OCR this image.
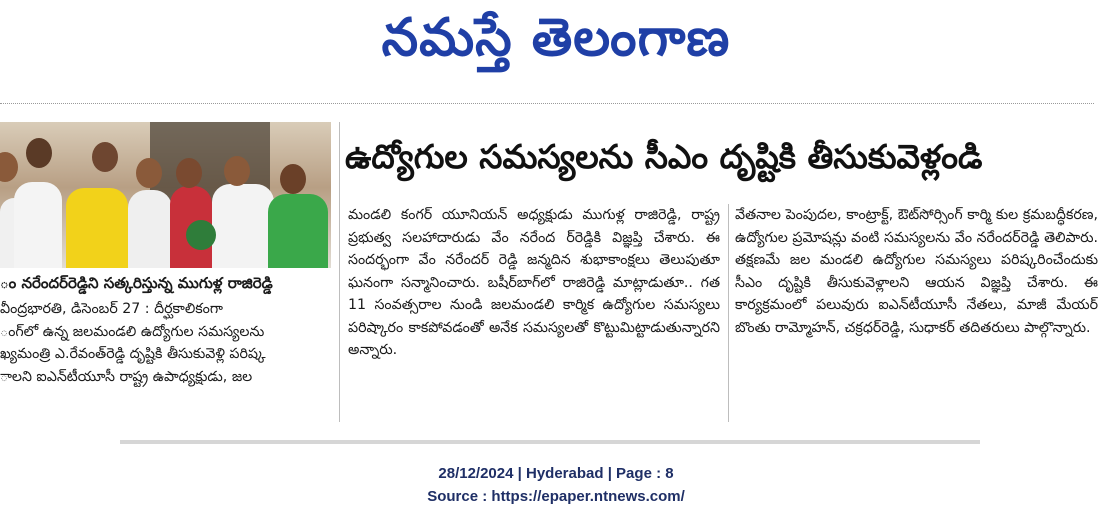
నమస్తే తెలంగాణ
ం నరేందర్‌రెడ్డిని సత్కరిస్తున్న ముగుళ్ల రాజిరెడ్డి
వీంద్రభారతి, డిసెంబర్ 27 : దీర్ఘకాలికంగా
ంగ్‌లో ఉన్న జలమండలి ఉద్యోగుల సమస్యలను
ఖ్యమంత్రి ఎ.రేవంత్‌రెడ్డి దృష్టికి తీసుకువెళ్లి పరిష్క
ాలని ఐఎన్‌టీయూసీ రాష్ట్ర ఉపాధ్యక్షుడు, జల
ఉద్యోగుల సమస్యలను సీఎం దృష్టికి తీసుకువెళ్లండి
మండలి కంగర్ యూనియన్ అధ్యక్షుడు ముగుళ్ల రాజిరెడ్డి, రాష్ట్ర ప్రభుత్వ సలహాదారుడు వేం నరేంద ర్‌రెడ్డికి విజ్ఞప్తి చేశారు. ఈ సందర్భంగా వేం నరేందర్ రెడ్డి జన్మదిన శుభాకాంక్షలు తెలుపుతూ ఘనంగా సన్మానించారు. బషీర్‌బాగ్‌లో రాజిరెడ్డి మాట్లాడుతూ.. గత 11 సంవత్సరాల నుండి జలమండలి కార్మిక ఉద్యోగుల సమస్యలు పరిష్కారం కాకపోవడంతో అనేక సమస్యలతో కొట్టుమిట్టాడుతున్నారని అన్నారు.
వేతనాల పెంపుదల, కాంట్రాక్ట్, ఔట్‌సోర్సింగ్ కార్మి కుల క్రమబద్ధీకరణ, ఉద్యోగుల ప్రమోషన్లు వంటి సమస్యలను వేం నరేందర్‌రెడ్డి తెలిపారు. తక్షణమే జల మండలి ఉద్యోగుల సమస్యలు పరిష్కరించేందుకు సీఎం దృష్టికి తీసుకువెళ్లాలని ఆయన విజ్ఞప్తి చేశారు. ఈ కార్యక్రమంలో పలువురు ఐఎన్‌టీయూసీ నేతలు, మాజీ మేయర్ బొంతు రామ్మోహన్, చక్రధర్‌రెడ్డి, సుధాకర్ తదితరులు పాల్గొన్నారు.
28/12/2024 | Hyderabad | Page : 8
Source : https://epaper.ntnews.com/
